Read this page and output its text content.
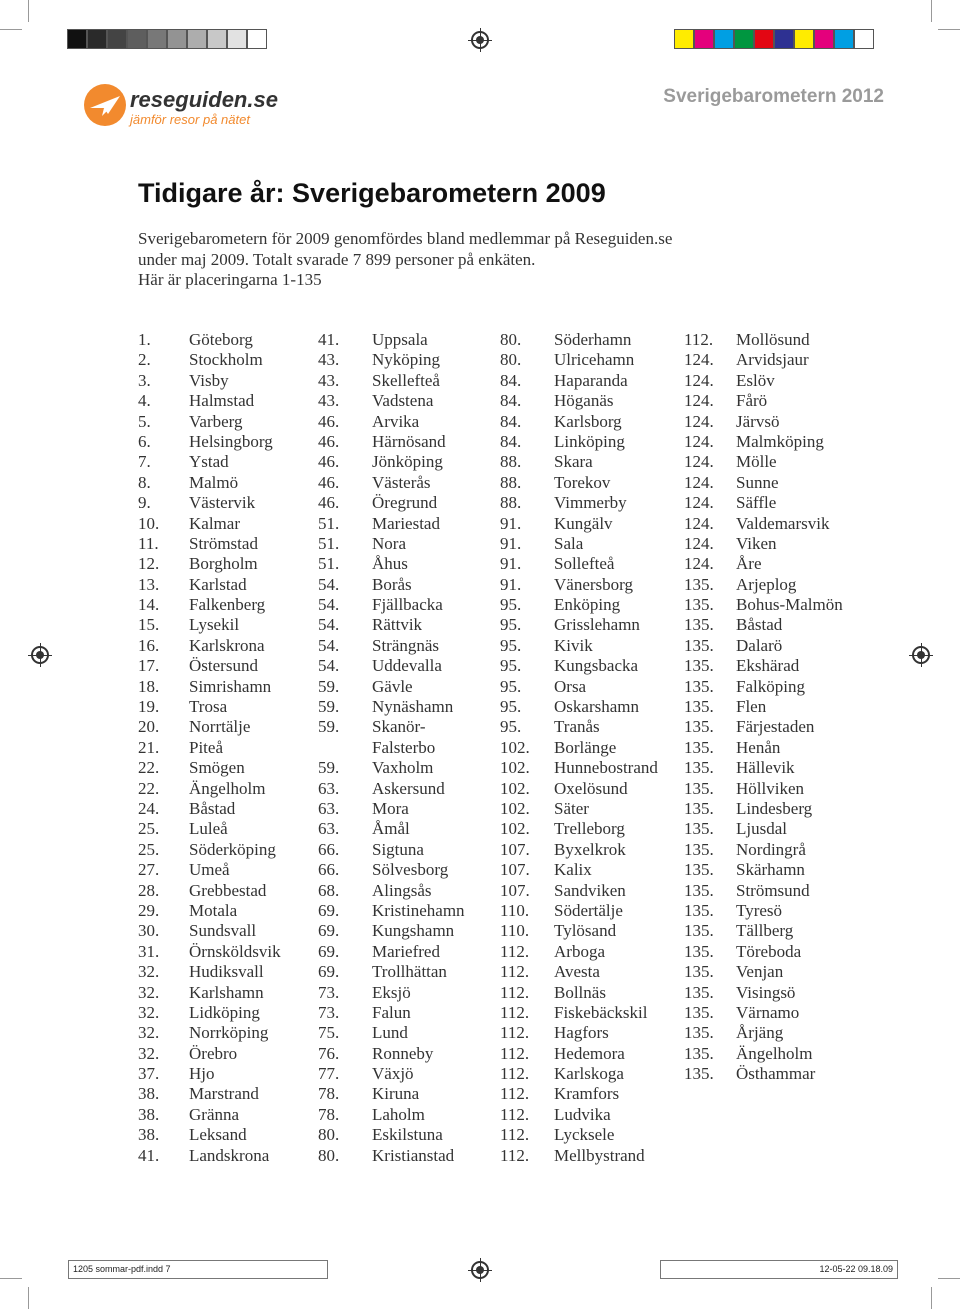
reseguiden.se
jämför resor på nätet
Sverigebarometern 2012
Tidigare år: Sverigebarometern 2009
Sverigebarometern för 2009 genomfördes bland medlemmar på Reseguiden.se
under maj 2009. Totalt svarade 7 899 personer på enkäten.
Här är placeringarna 1-135
1. Göteborg
2. Stockholm
3. Visby
4. Halmstad
5. Varberg
6. Helsingborg
7. Ystad
8. Malmö
9. Västervik
10. Kalmar
11. Strömstad
12. Borgholm
13. Karlstad
14. Falkenberg
15. Lysekil
16. Karlskrona
17. Östersund
18. Simrishamn
19. Trosa
20. Norrtälje
21. Piteå
22. Smögen
22. Ängelholm
24. Båstad
25. Luleå
25. Söderköping
27. Umeå
28. Grebbestad
29. Motala
30. Sundsvall
31. Örnsköldsvik
32. Hudiksvall
32. Karlshamn
32. Lidköping
32. Norrköping
32. Örebro
37. Hjo
38. Marstrand
38. Gränna
38. Leksand
41. Landskrona
41. Uppsala
43. Nyköping
43. Skellefteå
43. Vadstena
46. Arvika
46. Härnösand
46. Jönköping
46. Västerås
46. Öregrund
51. Mariestad
51. Nora
51. Åhus
54. Borås
54. Fjällbacka
54. Rättvik
54. Strängnäs
54. Uddevalla
59. Gävle
59. Nynäshamn
59. Skanör-
Falsterbo
59. Vaxholm
63. Askersund
63. Mora
63. Åmål
66. Sigtuna
66. Sölvesborg
68. Alingsås
69. Kristinehamn
69. Kungshamn
69. Mariefred
69. Trollhättan
73. Eksjö
73. Falun
75. Lund
76. Ronneby
77. Växjö
78. Kiruna
78. Laholm
80. Eskilstuna
80. Kristianstad
80. Söderhamn
80. Ulricehamn
84. Haparanda
84. Höganäs
84. Karlsborg
84. Linköping
88. Skara
88. Torekov
88. Vimmerby
91. Kungälv
91. Sala
91. Sollefteå
91. Vänersborg
95. Enköping
95. Grisslehamn
95. Kivik
95. Kungsbacka
95. Orsa
95. Oskarshamn
95. Tranås
102. Borlänge
102. Hunnebostrand
102. Oxelösund
102. Säter
102. Trelleborg
107. Byxelkrok
107. Kalix
107. Sandviken
110. Södertälje
110. Tylösand
112. Arboga
112. Avesta
112. Bollnäs
112. Fiskebäckskil
112. Hagfors
112. Hedemora
112. Karlskoga
112. Kramfors
112. Ludvika
112. Lycksele
112. Mellbystrand
112. Mollösund
124. Arvidsjaur
124. Eslöv
124. Fårö
124. Järvsö
124. Malmköping
124. Mölle
124. Sunne
124. Säffle
124. Valdemarsvik
124. Viken
124. Åre
135. Arjeplog
135. Bohus-Malmön
135. Båstad
135. Dalarö
135. Ekshärad
135. Falköping
135. Flen
135. Färjestaden
135. Henån
135. Hällevik
135. Höllviken
135. Lindesberg
135. Ljusdal
135. Nordingrå
135. Skärhamn
135. Strömsund
135. Tyresö
135. Tällberg
135. Töreboda
135. Venjan
135. Visingsö
135. Värnamo
135. Årjäng
135. Ängelholm
135. Östhammar
1205 sommar-pdf.indd 7	12-05-22 09.18.09
